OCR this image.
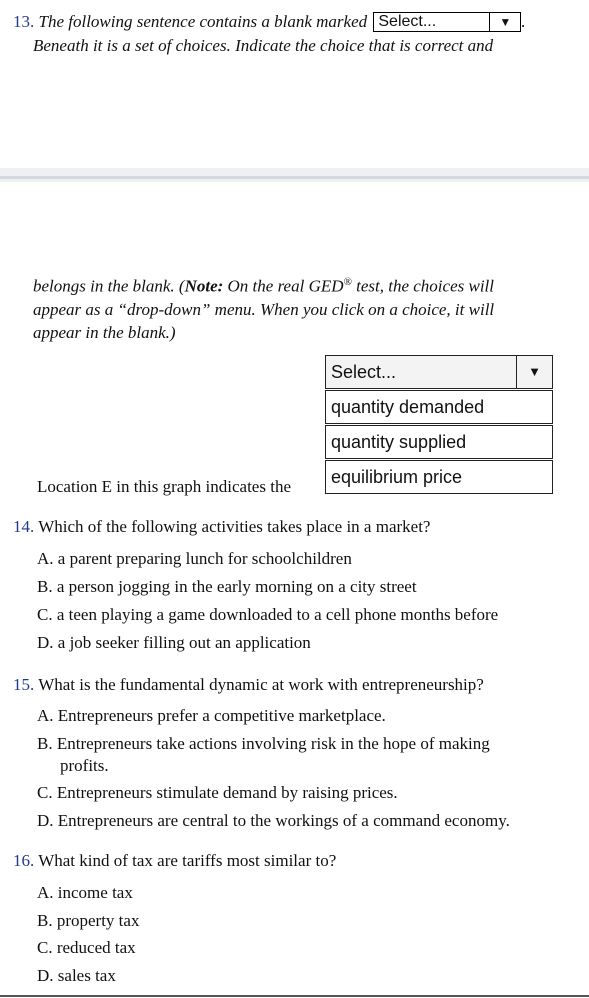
13. The following sentence contains a blank marked Select...	▼ .
Beneath it is a set of choices. Indicate the choice that is correct and
belongs in the blank. (Note: On the real GED® test, the choices will
appear as a “drop-down” menu. When you click on a choice, it will
appear in the blank.)
Select...	▼
quantity demanded
quantity supplied
equilibrium price
Location E in this graph indicates the
14. Which of the following activities takes place in a market?
A. a parent preparing lunch for schoolchildren
B. a person jogging in the early morning on a city street
C. a teen playing a game downloaded to a cell phone months before
D. a job seeker filling out an application
15. What is the fundamental dynamic at work with entrepreneurship?
A. Entrepreneurs prefer a competitive marketplace.
B. Entrepreneurs take actions involving risk in the hope of making
profits.
C. Entrepreneurs stimulate demand by raising prices.
D. Entrepreneurs are central to the workings of a command economy.
16. What kind of tax are tariffs most similar to?
A. income tax
B. property tax
C. reduced tax
D. sales tax
